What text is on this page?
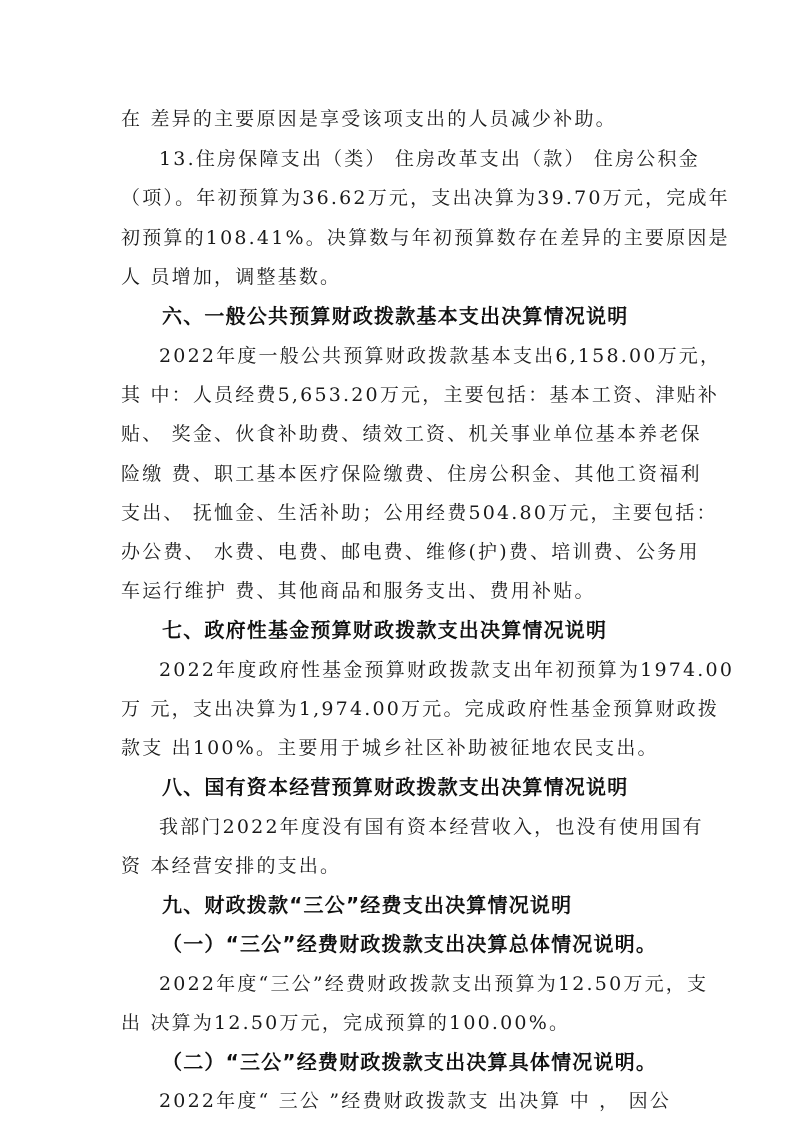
在 差异的主要原因是享受该项支出的人员减少补助。
13.住房保障支出（类） 住房改革支出（款） 住房公积金
（项）。年初预算为36.62万元，支出决算为39.70万元，完成年
初预算的108.41%。决算数与年初预算数存在差异的主要原因是
人 员增加，调整基数。
六、一般公共预算财政拨款基本支出决算情况说明
2022年度一般公共预算财政拨款基本支出6,158.00万元，
其 中：人员经费5,653.20万元，主要包括：基本工资、津贴补
贴、 奖金、伙食补助费、绩效工资、机关事业单位基本养老保
险缴 费、职工基本医疗保险缴费、住房公积金、其他工资福利
支出、 抚恤金、生活补助；公用经费504.80万元，主要包括：
办公费、 水费、电费、邮电费、维修(护)费、培训费、公务用
车运行维护 费、其他商品和服务支出、费用补贴。
七、政府性基金预算财政拨款支出决算情况说明
2022年度政府性基金预算财政拨款支出年初预算为1974.00
万 元，支出决算为1,974.00万元。完成政府性基金预算财政拨
款支 出100%。主要用于城乡社区补助被征地农民支出。
八、国有资本经营预算财政拨款支出决算情况说明
我部门2022年度没有国有资本经营收入，也没有使用国有
资 本经营安排的支出。
九、财政拨款“三公”经费支出决算情况说明
（一）“三公”经费财政拨款支出决算总体情况说明。
2022年度“三公”经费财政拨款支出预算为12.50万元，支
出 决算为12.50万元，完成预算的100.00%。
（二）“三公”经费财政拨款支出决算具体情况说明。
2022年度“ 三公 ”经费财政拨款支 出决算 中 ， 因公
